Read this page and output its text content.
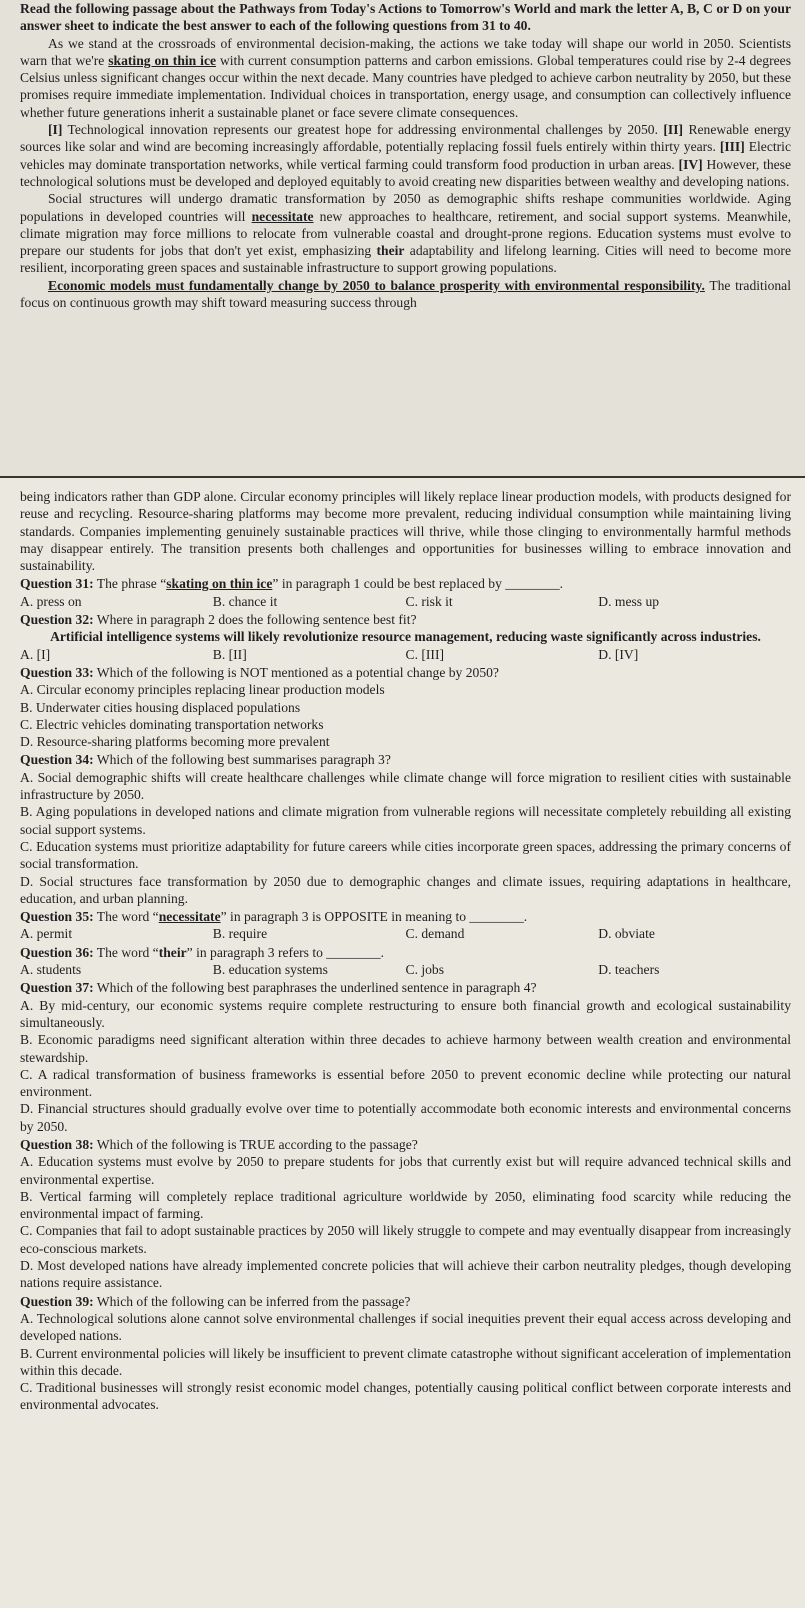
Read the following passage about the Pathways from Today's Actions to Tomorrow's World and mark the letter A, B, C or D on your answer sheet to indicate the best answer to each of the following questions from 31 to 40.

As we stand at the crossroads of environmental decision-making, the actions we take today will shape our world in 2050. Scientists warn that we're skating on thin ice with current consumption patterns and carbon emissions. Global temperatures could rise by 2-4 degrees Celsius unless significant changes occur within the next decade. Many countries have pledged to achieve carbon neutrality by 2050, but these promises require immediate implementation. Individual choices in transportation, energy usage, and consumption can collectively influence whether future generations inherit a sustainable planet or face severe climate consequences.

[I] Technological innovation represents our greatest hope for addressing environmental challenges by 2050. [II] Renewable energy sources like solar and wind are becoming increasingly affordable, potentially replacing fossil fuels entirely within thirty years. [III] Electric vehicles may dominate transportation networks, while vertical farming could transform food production in urban areas. [IV] However, these technological solutions must be developed and deployed equitably to avoid creating new disparities between wealthy and developing nations.

Social structures will undergo dramatic transformation by 2050 as demographic shifts reshape communities worldwide. Aging populations in developed countries will necessitate new approaches to healthcare, retirement, and social support systems. Meanwhile, climate migration may force millions to relocate from vulnerable coastal and drought-prone regions. Education systems must evolve to prepare our students for jobs that don't yet exist, emphasizing their adaptability and lifelong learning. Cities will need to become more resilient, incorporating green spaces and sustainable infrastructure to support growing populations.

Economic models must fundamentally change by 2050 to balance prosperity with environmental responsibility. The traditional focus on continuous growth may shift toward measuring success through

being indicators rather than GDP alone. Circular economy principles will likely replace linear production models, with products designed for reuse and recycling. Resource-sharing platforms may become more prevalent, reducing individual consumption while maintaining living standards. Companies implementing genuinely sustainable practices will thrive, while those clinging to environmentally harmful methods may disappear entirely. The transition presents both challenges and opportunities for businesses willing to embrace innovation and sustainability.

Question 31: The phrase “skating on thin ice” in paragraph 1 could be best replaced by ________.

A. press on	B. chance it	C. risk it	D. mess up

Question 32: Where in paragraph 2 does the following sentence best fit?

Artificial intelligence systems will likely revolutionize resource management, reducing waste significantly across industries.

A. [I]	B. [II]	C. [III]	D. [IV]

Question 33: Which of the following is NOT mentioned as a potential change by 2050?

A. Circular economy principles replacing linear production models

B. Underwater cities housing displaced populations

C. Electric vehicles dominating transportation networks

D. Resource-sharing platforms becoming more prevalent

Question 34: Which of the following best summarises paragraph 3?

A. Social demographic shifts will create healthcare challenges while climate change will force migration to resilient cities with sustainable infrastructure by 2050.

B. Aging populations in developed nations and climate migration from vulnerable regions will necessitate completely rebuilding all existing social support systems.

C. Education systems must prioritize adaptability for future careers while cities incorporate green spaces, addressing the primary concerns of social transformation.

D. Social structures face transformation by 2050 due to demographic changes and climate issues, requiring adaptations in healthcare, education, and urban planning.

Question 35: The word “necessitate” in paragraph 3 is OPPOSITE in meaning to ________.

A. permit	B. require	C. demand	D. obviate

Question 36: The word “their” in paragraph 3 refers to ________.

A. students	B. education systems	C. jobs	D. teachers

Question 37: Which of the following best paraphrases the underlined sentence in paragraph 4?

A. By mid-century, our economic systems require complete restructuring to ensure both financial growth and ecological sustainability simultaneously.

B. Economic paradigms need significant alteration within three decades to achieve harmony between wealth creation and environmental stewardship.

C. A radical transformation of business frameworks is essential before 2050 to prevent economic decline while protecting our natural environment.

D. Financial structures should gradually evolve over time to potentially accommodate both economic interests and environmental concerns by 2050.

Question 38: Which of the following is TRUE according to the passage?

A. Education systems must evolve by 2050 to prepare students for jobs that currently exist but will require advanced technical skills and environmental expertise.

B. Vertical farming will completely replace traditional agriculture worldwide by 2050, eliminating food scarcity while reducing the environmental impact of farming.

C. Companies that fail to adopt sustainable practices by 2050 will likely struggle to compete and may eventually disappear from increasingly eco-conscious markets.

D. Most developed nations have already implemented concrete policies that will achieve their carbon neutrality pledges, though developing nations require assistance.

Question 39: Which of the following can be inferred from the passage?

A. Technological solutions alone cannot solve environmental challenges if social inequities prevent their equal access across developing and developed nations.

B. Current environmental policies will likely be insufficient to prevent climate catastrophe without significant acceleration of implementation within this decade.

C. Traditional businesses will strongly resist economic model changes, potentially causing political conflict between corporate interests and environmental advocates.
